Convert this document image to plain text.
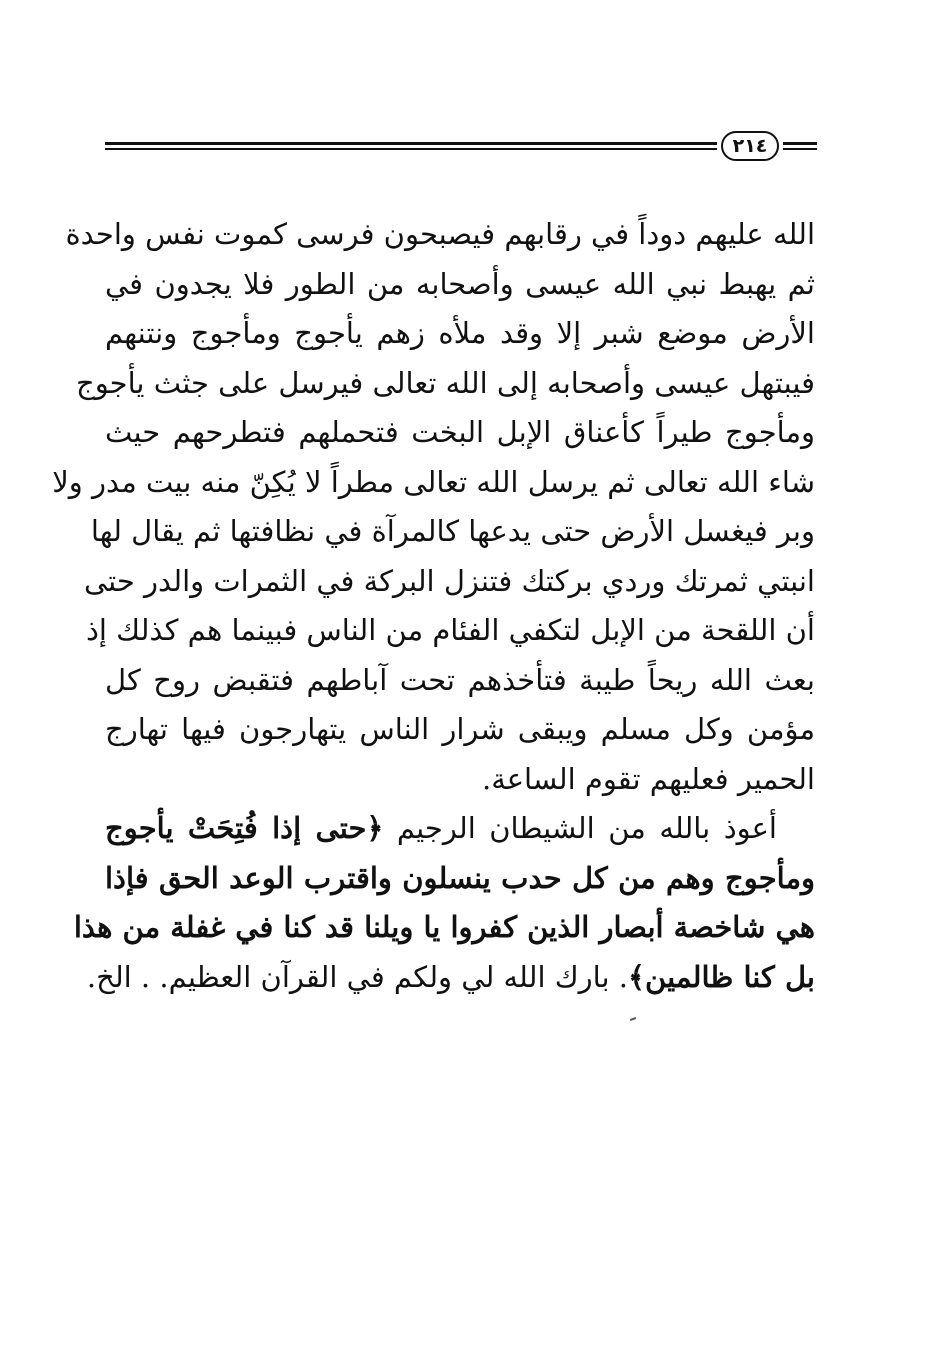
٢١٤
الله عليهم دوداً في رقابهم فيصبحون فرسى كموت نفس واحدة
ثم يهبط نبي الله عيسى وأصحابه من الطور فلا يجدون في
الأرض موضع شبر إلا وقد ملأه زهم يأجوج ومأجوج ونتنهم
فيبتهل عيسى وأصحابه إلى الله تعالى فيرسل على جثث يأجوج
ومأجوج طيراً كأعناق الإبل البخت فتحملهم فتطرحهم حيث
شاء الله تعالى ثم يرسل الله تعالى مطراً لا يُكِنّ منه بيت مدر ولا
وبر فيغسل الأرض حتى يدعها كالمرآة في نظافتها ثم يقال لها
انبتي ثمرتك وردي بركتك فتنزل البركة في الثمرات والدر حتى
أن اللقحة من الإبل لتكفي الفئام من الناس فبينما هم كذلك إذ
بعث الله ريحاً طيبة فتأخذهم تحت آباطهم فتقبض روح كل
مؤمن وكل مسلم ويبقى شرار الناس يتهارجون فيها تهارج
الحمير فعليهم تقوم الساعة.
أعوذ بالله من الشيطان الرجيم ﴿حتى إذا فُتِحَتْ يأجوج
ومأجوج وهم من كل حدب ينسلون واقترب الوعد الحق فإذا
هي شاخصة أبصار الذين كفروا يا ويلنا قد كنا في غفلة من هذا
بل كنا ظالمين﴾. بارك الله لي ولكم في القرآن العظيم. . الخ.
